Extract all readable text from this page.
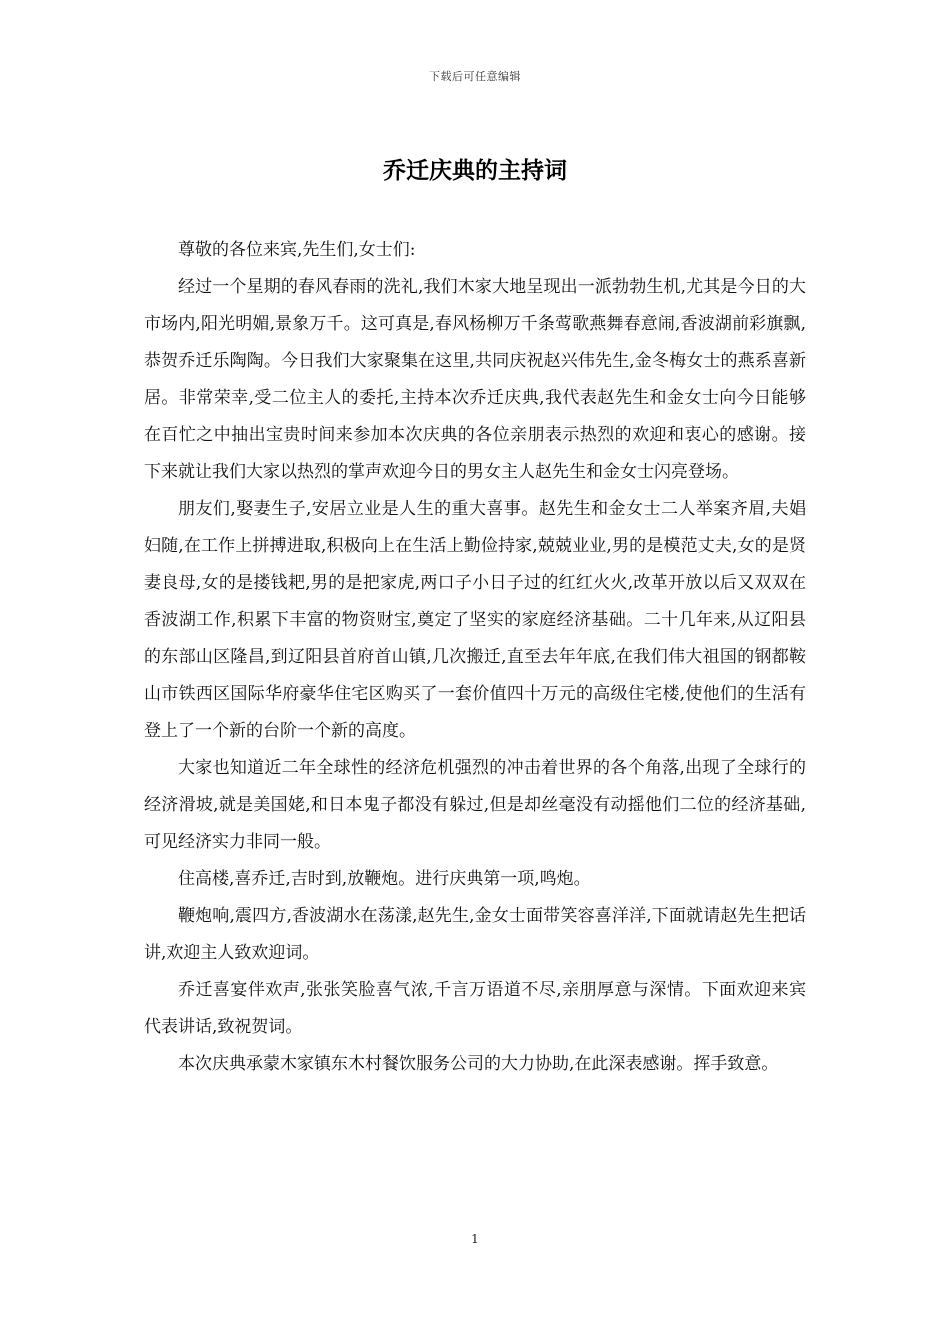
下载后可任意编辑
乔迁庆典的主持词

尊敬的各位来宾,先生们,女士们:

经过一个星期的春风春雨的洗礼,我们木家大地呈现出一派勃勃生机,尤其是今日的大市场内,阳光明媚,景象万千。这可真是,春风杨柳万千条莺歌燕舞春意闹,香波湖前彩旗飘,恭贺乔迁乐陶陶。今日我们大家聚集在这里,共同庆祝赵兴伟先生,金冬梅女士的燕系喜新居。非常荣幸,受二位主人的委托,主持本次乔迁庆典,我代表赵先生和金女士向今日能够在百忙之中抽出宝贵时间来参加本次庆典的各位亲朋表示热烈的欢迎和衷心的感谢。接下来就让我们大家以热烈的掌声欢迎今日的男女主人赵先生和金女士闪亮登场。

朋友们,娶妻生子,安居立业是人生的重大喜事。赵先生和金女士二人举案齐眉,夫娼妇随,在工作上拼搏进取,积极向上在生活上勤俭持家,兢兢业业,男的是模范丈夫,女的是贤妻良母,女的是搂钱耙,男的是把家虎,两口子小日子过的红红火火,改革开放以后又双双在香波湖工作,积累下丰富的物资财宝,奠定了坚实的家庭经济基础。二十几年来,从辽阳县的东部山区隆昌,到辽阳县首府首山镇,几次搬迁,直至去年年底,在我们伟大祖国的钢都鞍山市铁西区国际华府豪华住宅区购买了一套价值四十万元的高级住宅楼,使他们的生活有登上了一个新的台阶一个新的高度。

大家也知道近二年全球性的经济危机强烈的冲击着世界的各个角落,出现了全球行的经济滑坡,就是美国姥,和日本鬼子都没有躲过,但是却丝毫没有动摇他们二位的经济基础,可见经济实力非同一般。

住高楼,喜乔迁,吉时到,放鞭炮。进行庆典第一项,鸣炮。

鞭炮响,震四方,香波湖水在荡漾,赵先生,金女士面带笑容喜洋洋,下面就请赵先生把话讲,欢迎主人致欢迎词。

乔迁喜宴伴欢声,张张笑脸喜气浓,千言万语道不尽,亲朋厚意与深情。下面欢迎来宾代表讲话,致祝贺词。

本次庆典承蒙木家镇东木村餐饮服务公司的大力协助,在此深表感谢。挥手致意。

1
